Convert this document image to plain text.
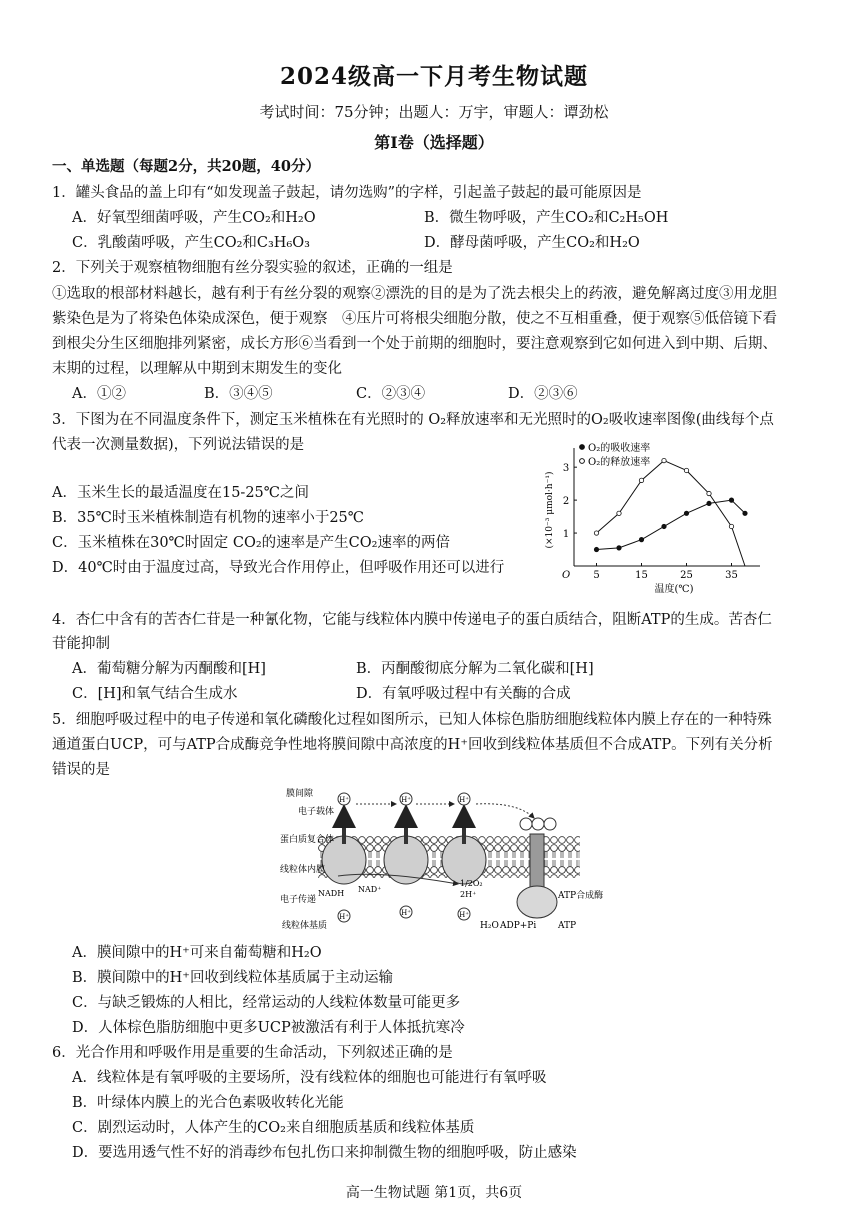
2024级高一下月考生物试题
考试时间：75分钟；出题人：万宇，审题人：谭劲松
第Ⅰ卷（选择题）
一、单选题（每题2分，共20题，40分）
1．罐头食品的盖上印有“如发现盖子鼓起，请勿选购”的字样，引起盖子鼓起的最可能原因是
A．好氧型细菌呼吸，产生CO₂和H₂O	B．微生物呼吸，产生CO₂和C₂H₅OH
C．乳酸菌呼吸，产生CO₂和C₃H₆O₃	D．酵母菌呼吸，产生CO₂和H₂O
2．下列关于观察植物细胞有丝分裂实验的叙述，正确的一组是
①选取的根部材料越长，越有利于有丝分裂的观察②漂洗的目的是为了洗去根尖上的药液，避免解离过度③用龙胆
紫染色是为了将染色体染成深色，便于观察　④压片可将根尖细胞分散，使之不互相重叠，便于观察⑤低倍镜下看
到根尖分生区细胞排列紧密，成长方形⑥当看到一个处于前期的细胞时，要注意观察到它如何进入到中期、后期、
末期的过程，以理解从中期到末期发生的变化
A．①②	B．③④⑤	C．②③④	D．②③⑥
3．下图为在不同温度条件下，测定玉米植株在有光照时的 O₂释放速率和无光照时的O₂吸收速率图像(曲线每个点
代表一次测量数据)，下列说法错误的是
A．玉米生长的最适温度在15-25℃之间
B．35℃时玉米植株制造有机物的速率小于25℃
C．玉米植株在30℃时固定 CO₂的速率是产生CO₂速率的两倍
D．40℃时由于温度过高，导致光合作用停止，但呼吸作用还可以进行	5	15	25	35
1
2
3
O
温度(℃)
(×10⁻³ μmol·h⁻¹)
O₂的吸收速率
O₂的释放速率
4．杏仁中含有的苦杏仁苷是一种氰化物，它能与线粒体内膜中传递电子的蛋白质结合，阻断ATP的生成。苦杏仁
苷能抑制
A．葡萄糖分解为丙酮酸和[H]	B．丙酮酸彻底分解为二氧化碳和[H]
C．[H]和氧气结合生成水	D．有氧呼吸过程中有关酶的合成
5．细胞呼吸过程中的电子传递和氧化磷酸化过程如图所示，已知人体棕色脂肪细胞线粒体内膜上存在的一种特殊
通道蛋白UCP，可与ATP合成酶竞争性地将膜间隙中高浓度的H⁺回收到线粒体基质但不合成ATP。下列有关分析
错误的是
H⁺	H⁺	H⁺
H⁺	H⁺	H⁺
膜间隙
电子载体
蛋白质复合体
线粒体内膜
电子传递
线粒体基质
NADH NAD⁺
1/2O₂
2H⁺
H₂O ADP+Pi
ATP合成酶
ATP
A．膜间隙中的H⁺可来自葡萄糖和H₂O
B．膜间隙中的H⁺回收到线粒体基质属于主动运输
C．与缺乏锻炼的人相比，经常运动的人线粒体数量可能更多
D．人体棕色脂肪细胞中更多UCP被激活有利于人体抵抗寒冷
6．光合作用和呼吸作用是重要的生命活动，下列叙述正确的是
A．线粒体是有氧呼吸的主要场所，没有线粒体的细胞也可能进行有氧呼吸
B．叶绿体内膜上的光合色素吸收转化光能
C．剧烈运动时，人体产生的CO₂来自细胞质基质和线粒体基质
D．要选用透气性不好的消毒纱布包扎伤口来抑制微生物的细胞呼吸，防止感染
高一生物试题 第1页，共6页
